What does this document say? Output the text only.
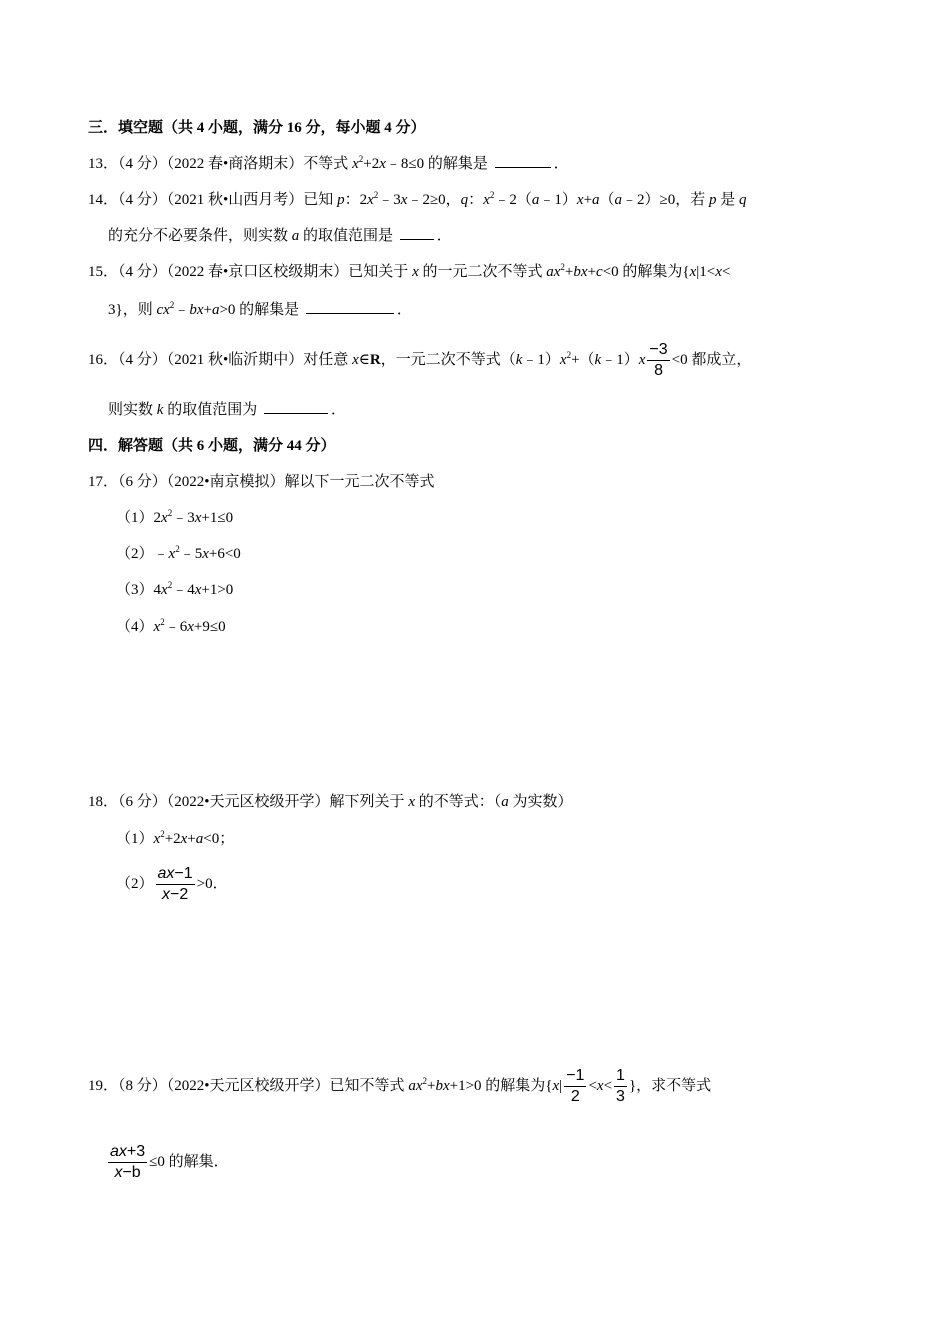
三．填空题（共 4 小题，满分 16 分，每小题 4 分）
13．（4 分）（2022 春•商洛期末）不等式 $x^2+2x﹣8\le 0$ 的解集是	．
14．（4 分）（2021 秋•山西月考）已知 p：$2x^2﹣3x﹣2\ge 0$，q：$x^2﹣2(a﹣1)x+a(a﹣2)\ge 0$，若 p 是 q
的充分不必要条件，则实数 a 的取值范围是	．
15．（4 分）（2022 春•京口区校级期末）已知关于 x 的一元二次不等式 $ax^2+bx+c<0$ 的解集为{x|1<x<
3}，则 $cx^2﹣bx+a>0$ 的解集是	．
16．（4 分）（2021 秋•临沂期中）对任意 x∈R，一元二次不等式$(k﹣1)x^2+(k﹣1)x \frac{-3}{8} <0$ 都成立，
则实数 k 的取值范围为	．
四．解答题（共 6 小题，满分 44 分）
17．（6 分）（2022•南京模拟）解以下一元二次不等式
$(1)2x^2﹣3x+1\le 0$
$(2)﹣x^2﹣5x+6<0$
$(3)4x^2﹣4x+1>0$
$(4)x^2﹣6x+9\le 0$
18．（6 分）（2022•天元区校级开学）解下列关于 x 的不等式：（a 为实数）
$(1)x^2+2x+a<0$；
$(2) \frac{ax-1}{x-2} >0$．
19．（8 分）（2022•天元区校级开学）已知不等式 $ax^2+bx+1>0$ 的解集为{$x| \frac{-1}{2} <x< \frac{1}{3}$ }，求不等式
$\frac{ax+3}{x-b} \le 0$ 的解集．
